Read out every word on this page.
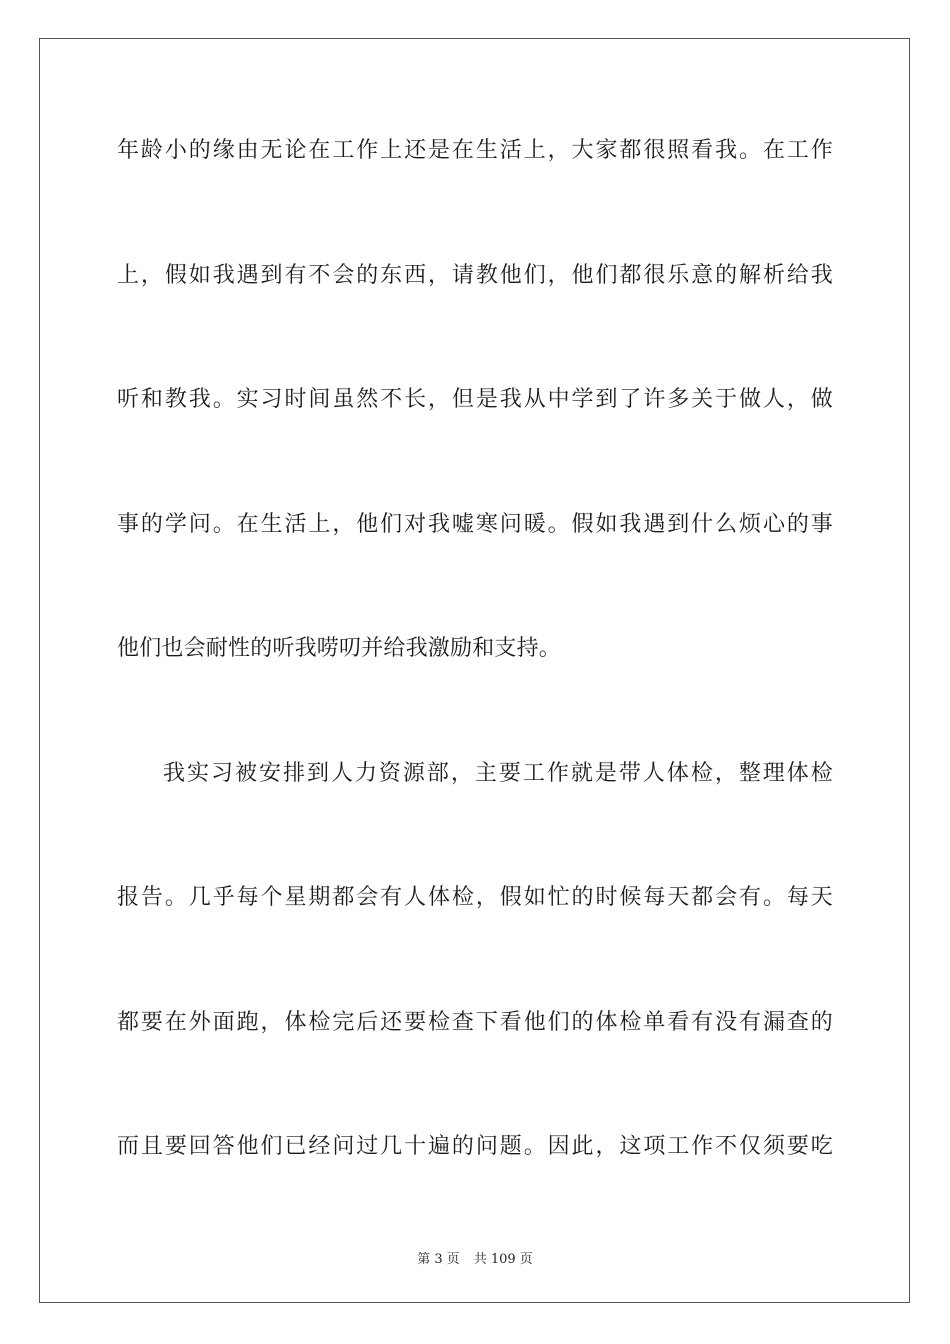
年龄小的缘由无论在工作上还是在生活上，大家都很照看我。在工作
上，假如我遇到有不会的东西，请教他们，他们都很乐意的解析给我
听和教我。实习时间虽然不长，但是我从中学到了许多关于做人，做
事的学问。在生活上，他们对我嘘寒问暖。假如我遇到什么烦心的事
他们也会耐性的听我唠叨并给我激励和支持。
我实习被安排到人力资源部，主要工作就是带人体检，整理体检
报告。几乎每个星期都会有人体检，假如忙的时候每天都会有。每天
都要在外面跑，体检完后还要检查下看他们的体检单看有没有漏查的
而且要回答他们已经问过几十遍的问题。因此，这项工作不仅须要吃
第 3 页 共 109 页
